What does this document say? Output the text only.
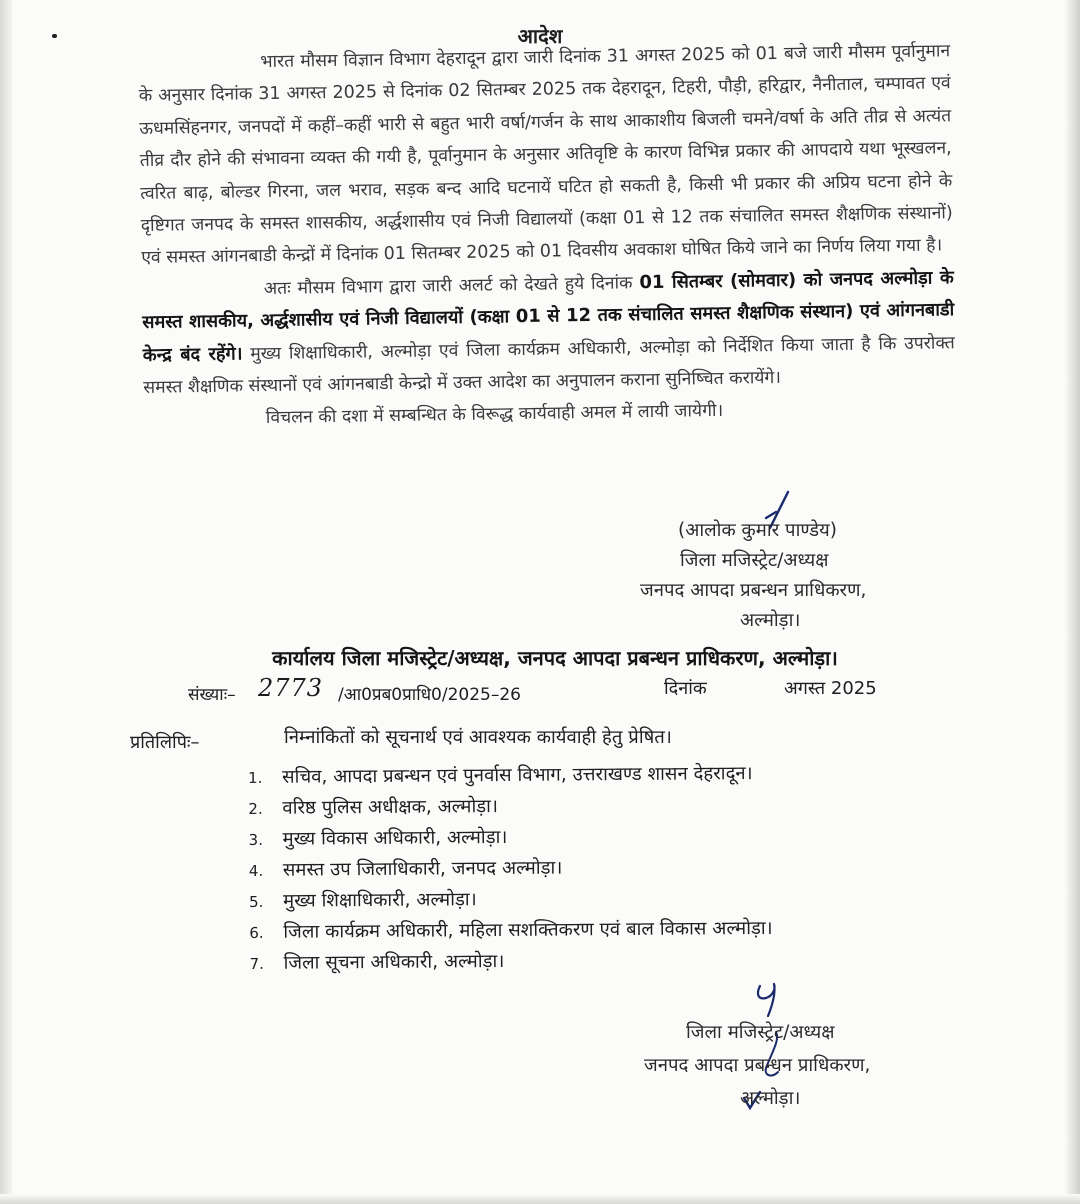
आदेश

भारत मौसम विज्ञान विभाग देहरादून द्वारा जारी दिनांक 31 अगस्त 2025 को 01 बजे जारी मौसम पूर्वानुमान के अनुसार दिनांक 31 अगस्त 2025 से दिनांक 02 सितम्बर 2025 तक देहरादून, टिहरी, पौड़ी, हरिद्वार, नैनीताल, चम्पावत एवं ऊधमसिंहनगर, जनपदों में कहीं–कहीं भारी से बहुत भारी वर्षा/गर्जन के साथ आकाशीय बिजली चमने/वर्षा के अति तीव्र से अत्यंत तीव्र दौर होने की संभावना व्यक्त की गयी है, पूर्वानुमान के अनुसार अतिवृष्टि के कारण विभिन्न प्रकार की आपदाये यथा भूस्खलन, त्वरित बाढ़, बोल्डर गिरना, जल भराव, सड़क बन्द आदि घटनायें घटित हो सकती है, किसी भी प्रकार की अप्रिय घटना होने के दृष्टिगत जनपद के समस्त शासकीय, अर्द्धशासीय एवं निजी विद्यालयों (कक्षा 01 से 12 तक संचालित समस्त शैक्षणिक संस्थानों) एवं समस्त आंगनबाडी केन्द्रों में दिनांक 01 सितम्बर 2025 को 01 दिवसीय अवकाश घोषित किये जाने का निर्णय लिया गया है।

अतः मौसम विभाग द्वारा जारी अलर्ट को देखते हुये दिनांक 01 सितम्बर (सोमवार) को जनपद अल्मोड़ा के समस्त शासकीय, अर्द्धशासीय एवं निजी विद्यालयों (कक्षा 01 से 12 तक संचालित समस्त शैक्षणिक संस्थान) एवं आंगनबाडी केन्द्र बंद रहेंगे। मुख्य शिक्षाधिकारी, अल्मोड़ा एवं जिला कार्यक्रम अधिकारी, अल्मोड़ा को निर्देशित किया जाता है कि उपरोक्त समस्त शैक्षणिक संस्थानों एवं आंगनबाडी केन्द्रो में उक्त आदेश का अनुपालन कराना सुनिष्चित करायेंगे।

विचलन की दशा में सम्बन्धित के विरूद्ध कार्यवाही अमल में लायी जायेगी।

(आलोक कुमार पाण्डेय)
जिला मजिस्ट्रेट/अध्यक्ष
जनपद आपदा प्रबन्धन प्राधिकरण,
अल्मोड़ा।
कार्यालय जिला मजिस्ट्रेट/अध्यक्ष, जनपद आपदा प्रबन्धन प्राधिकरण, अल्मोड़ा।
संख्याः– 2773 /आ0प्रब0प्राधि0/2025–26	दिनांक	अगस्त 2025
प्रतिलिपिः–	निम्नांकितों को सूचनार्थ एवं आवश्यक कार्यवाही हेतु प्रेषित।
1. सचिव, आपदा प्रबन्धन एवं पुनर्वास विभाग, उत्तराखण्ड शासन देहरादून।
2. वरिष्ठ पुलिस अधीक्षक, अल्मोड़ा।
3. मुख्य विकास अधिकारी, अल्मोड़ा।
4. समस्त उप जिलाधिकारी, जनपद अल्मोड़ा।
5. मुख्य शिक्षाधिकारी, अल्मोड़ा।
6. जिला कार्यक्रम अधिकारी, महिला सशक्तिकरण एवं बाल विकास अल्मोड़ा।
7. जिला सूचना अधिकारी, अल्मोड़ा।
जिला मजिस्ट्रेट/अध्यक्ष
जनपद आपदा प्रबन्धन प्राधिकरण,
अल्मोड़ा।
